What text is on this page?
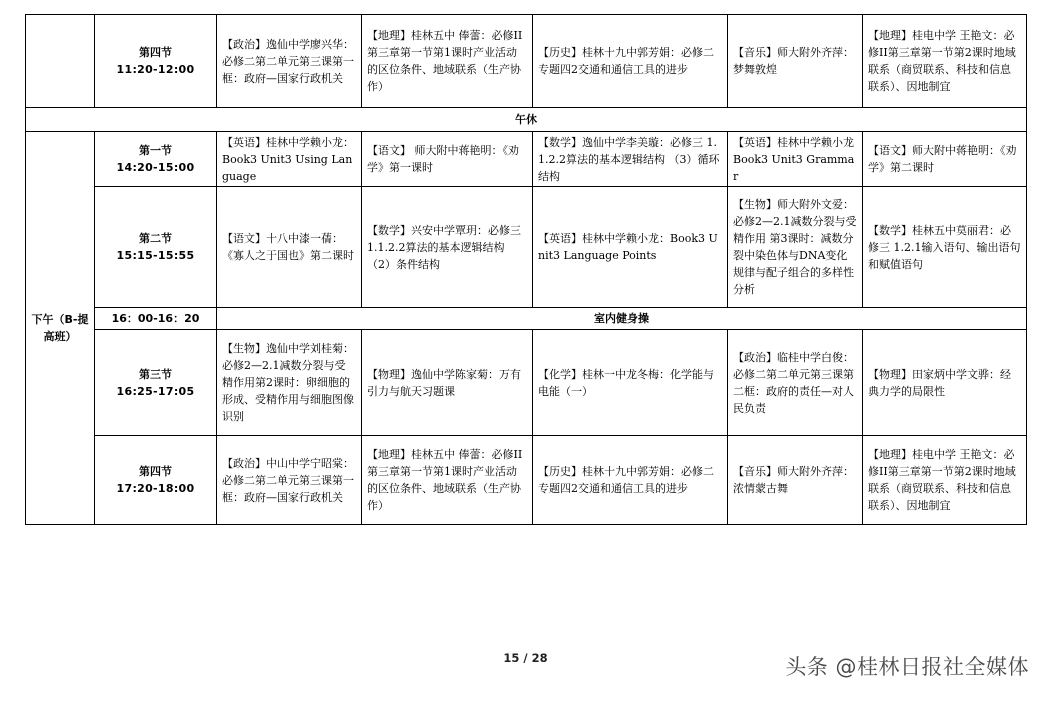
	第四节
11:20-12:00	【政治】逸仙中学廖兴华：必修二第二单元第三课第一框：政府—国家行政机关	【地理】桂林五中 俸蕾：必修II第三章第一节第1课时产业活动的区位条件、地域联系（生产协作）	【历史】桂林十九中郭芳娟：必修二专题四2交通和通信工具的进步	【音乐】师大附外齐萍：梦舞敦煌	【地理】桂电中学 王艳文：必修II第三章第一节第2课时地域联系（商贸联系、科技和信息联系）、因地制宜
午休						
下午（B-提高班）	第一节
14:20-15:00	【英语】桂林中学赖小龙：Book3 Unit3 Using Language	【语文】 师大附中蒋艳明：《劝学》第一课时	【数学】逸仙中学李美璇：必修三 1.1.2.2算法的基本逻辑结构 （3）循环结构	【英语】桂林中学赖小龙 Book3 Unit3 Grammar	【语文】师大附中蒋艳明：《劝学》第二课时

	第二节
15:15-15:55	【语文】十八中漆一蒨：《寡人之于国也》第二课时	【数学】兴安中学覃玥：必修三 1.1.2.2算法的基本逻辑结构 （2）条件结构	【英语】桂林中学赖小龙：Book3 Unit3 Language Points	【生物】师大附外文爱：必修2—2.1减数分裂与受精作用 第3课时：减数分裂中染色体与DNA变化规律与配子组合的多样性分析	【数学】桂林五中莫丽君：必修三 1.2.1输入语句、输出语句和赋值语句
	16：00-16：20	室内健身操				

	第三节
16:25-17:05	【生物】逸仙中学刘桂菊：必修2—2.1减数分裂与受精作用第2课时：卵细胞的形成、受精作用与细胞图像识别	【物理】逸仙中学陈家菊：万有引力与航天习题课	【化学】桂林一中龙冬梅：化学能与电能（一）	【政治】临桂中学白俊：必修二第二单元第三课第二框：政府的责任—对人民负责	【物理】田家炳中学文骅：经典力学的局限性

	第四节
17:20-18:00	【政治】中山中学宁昭棠：必修二第二单元第三课第一框：政府—国家行政机关	【地理】桂林五中 俸蕾：必修II第三章第一节第1课时产业活动的区位条件、地域联系（生产协作）	【历史】桂林十九中郭芳娟：必修二专题四2交通和通信工具的进步	【音乐】师大附外齐萍：浓情蒙古舞	【地理】桂电中学 王艳文：必修II第三章第一节第2课时地域联系（商贸联系、科技和信息联系）、因地制宜
15 / 28	头条 @桂林日报社全媒体
